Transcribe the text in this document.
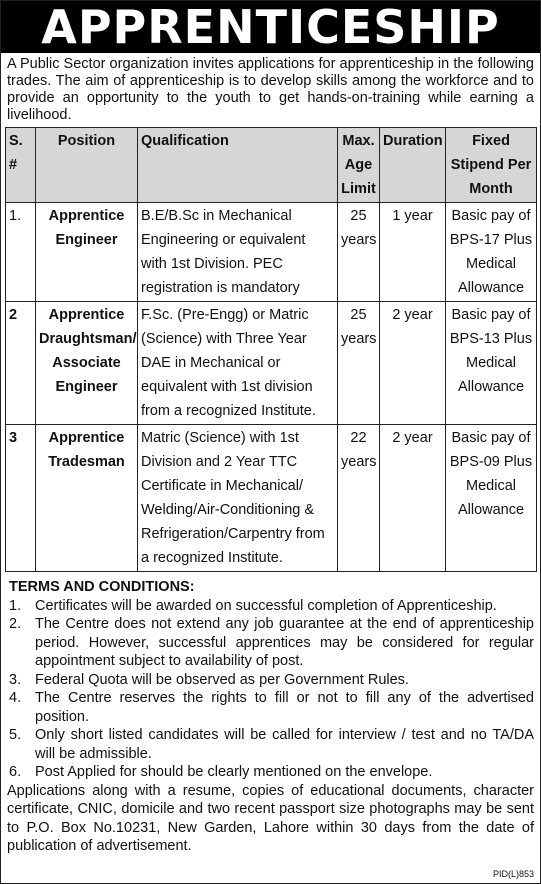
APPRENTICESHIP
A Public Sector organization invites applications for apprenticeship in the following trades. The aim of apprenticeship is to develop skills among the workforce and to provide an opportunity to the youth to get hands-on-training while earning a livelihood.
S. #	Position	Qualification	Max. Age Limit	Duration	Fixed Stipend Per Month
1.	Apprentice Engineer	B.E/B.Sc in Mechanical Engineering or equivalent with 1st Division. PEC registration is mandatory	25 years	1 year	Basic pay of BPS-17 Plus Medical Allowance
2	Apprentice Draughtsman/ Associate Engineer	F.Sc. (Pre-Engg) or Matric (Science) with Three Year DAE in Mechanical or equivalent with 1st division from a recognized Institute.	25 years	2 year	Basic pay of BPS-13 Plus Medical Allowance
3	Apprentice Tradesman	Matric (Science) with 1st Division and 2 Year TTC Certificate in Mechanical/ Welding/Air-Conditioning & Refrigeration/Carpentry from a recognized Institute.	22 years	2 year	Basic pay of BPS-09 Plus Medical Allowance
TERMS AND CONDITIONS:
1. Certificates will be awarded on successful completion of Apprenticeship.
2. The Centre does not extend any job guarantee at the end of apprenticeship period. However, successful apprentices may be considered for regular appointment subject to availability of post.
3. Federal Quota will be observed as per Government Rules.
4. The Centre reserves the rights to fill or not to fill any of the advertised position.
5. Only short listed candidates will be called for interview / test and no TA/DA will be admissible.
6. Post Applied for should be clearly mentioned on the envelope.
Applications along with a resume, copies of educational documents, character certificate, CNIC, domicile and two recent passport size photographs may be sent to P.O. Box No.10231, New Garden, Lahore within 30 days from the date of publication of advertisement.
PID(L)853
